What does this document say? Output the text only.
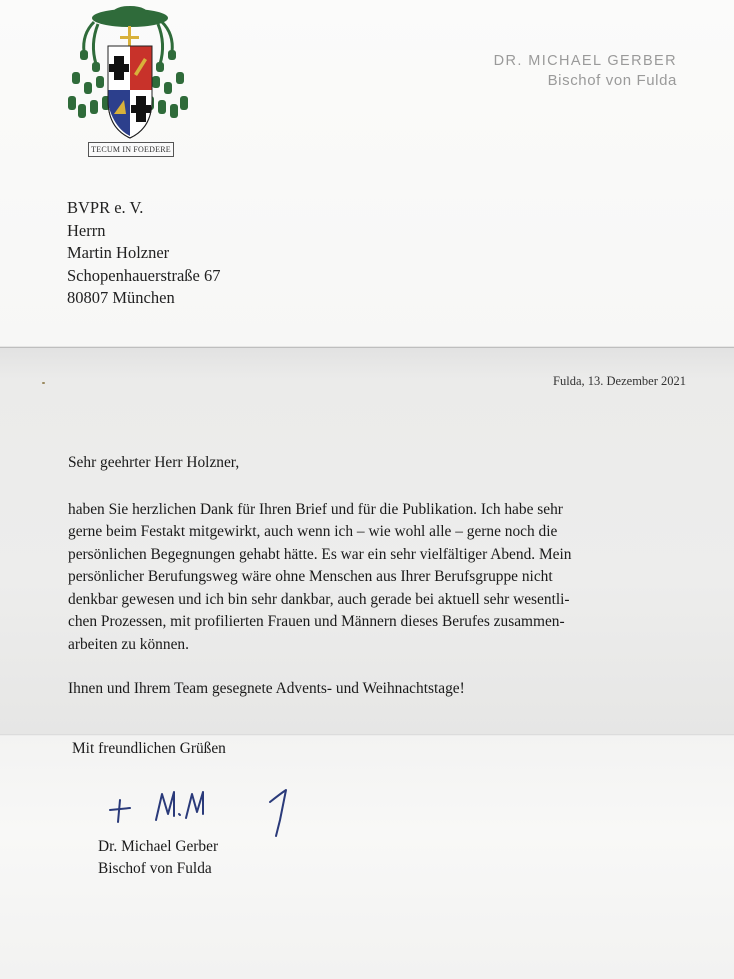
TECUM IN FOEDERE
DR. MICHAEL GERBER
Bischof von Fulda
BVPR e. V.
Herrn
Martin Holzner
Schopenhauerstraße 67
80807 München
Fulda, 13. Dezember 2021

Sehr geehrter Herr Holzner,

haben Sie herzlichen Dank für Ihren Brief und für die Publikation. Ich habe sehr
gerne beim Festakt mitgewirkt, auch wenn ich – wie wohl alle – gerne noch die
persönlichen Begegnungen gehabt hätte. Es war ein sehr vielfältiger Abend. Mein
persönlicher Berufungsweg wäre ohne Menschen aus Ihrer Berufsgruppe nicht
denkbar gewesen und ich bin sehr dankbar, auch gerade bei aktuell sehr wesentli-
chen Prozessen, mit profilierten Frauen und Männern dieses Berufes zusammen-
arbeiten zu können.

Ihnen und Ihrem Team gesegnete Advents- und Weihnachtstage!

Mit freundlichen Grüßen
Dr. Michael Gerber
Bischof von Fulda
